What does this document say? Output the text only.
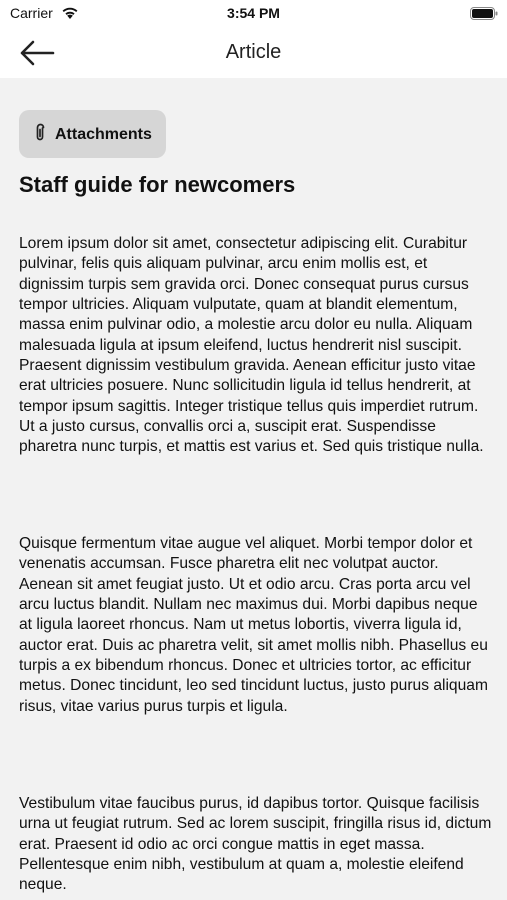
Carrier	3:54 PM
Article
Attachments
Staff guide for newcomers

Lorem ipsum dolor sit amet, consectetur adipiscing elit. Curabitur pulvinar, felis quis aliquam pulvinar, arcu enim mollis est, et dignissim turpis sem gravida orci. Donec consequat purus cursus tempor ultricies. Aliquam vulputate, quam at blandit elementum, massa enim pulvinar odio, a molestie arcu dolor eu nulla. Aliquam malesuada ligula at ipsum eleifend, luctus hendrerit nisl suscipit. Praesent dignissim vestibulum gravida. Aenean efficitur justo vitae erat ultricies posuere. Nunc sollicitudin ligula id tellus hendrerit, at tempor ipsum sagittis. Integer tristique tellus quis imperdiet rutrum. Ut a justo cursus, convallis orci a, suscipit erat. Suspendisse pharetra nunc turpis, et mattis est varius et. Sed quis tristique nulla.

Quisque fermentum vitae augue vel aliquet. Morbi tempor dolor et venenatis accumsan. Fusce pharetra elit nec volutpat auctor. Aenean sit amet feugiat justo. Ut et odio arcu. Cras porta arcu vel arcu luctus blandit. Nullam nec maximus dui. Morbi dapibus neque at ligula laoreet rhoncus. Nam ut metus lobortis, viverra ligula id, auctor erat. Duis ac pharetra velit, sit amet mollis nibh. Phasellus eu turpis a ex bibendum rhoncus. Donec et ultricies tortor, ac efficitur metus. Donec tincidunt, leo sed tincidunt luctus, justo purus aliquam risus, vitae varius purus turpis et ligula.

Vestibulum vitae faucibus purus, id dapibus tortor. Quisque facilisis urna ut feugiat rutrum. Sed ac lorem suscipit, fringilla risus id, dictum erat. Praesent id odio ac orci congue mattis in eget massa. Pellentesque enim nibh, vestibulum at quam a, molestie eleifend neque.
